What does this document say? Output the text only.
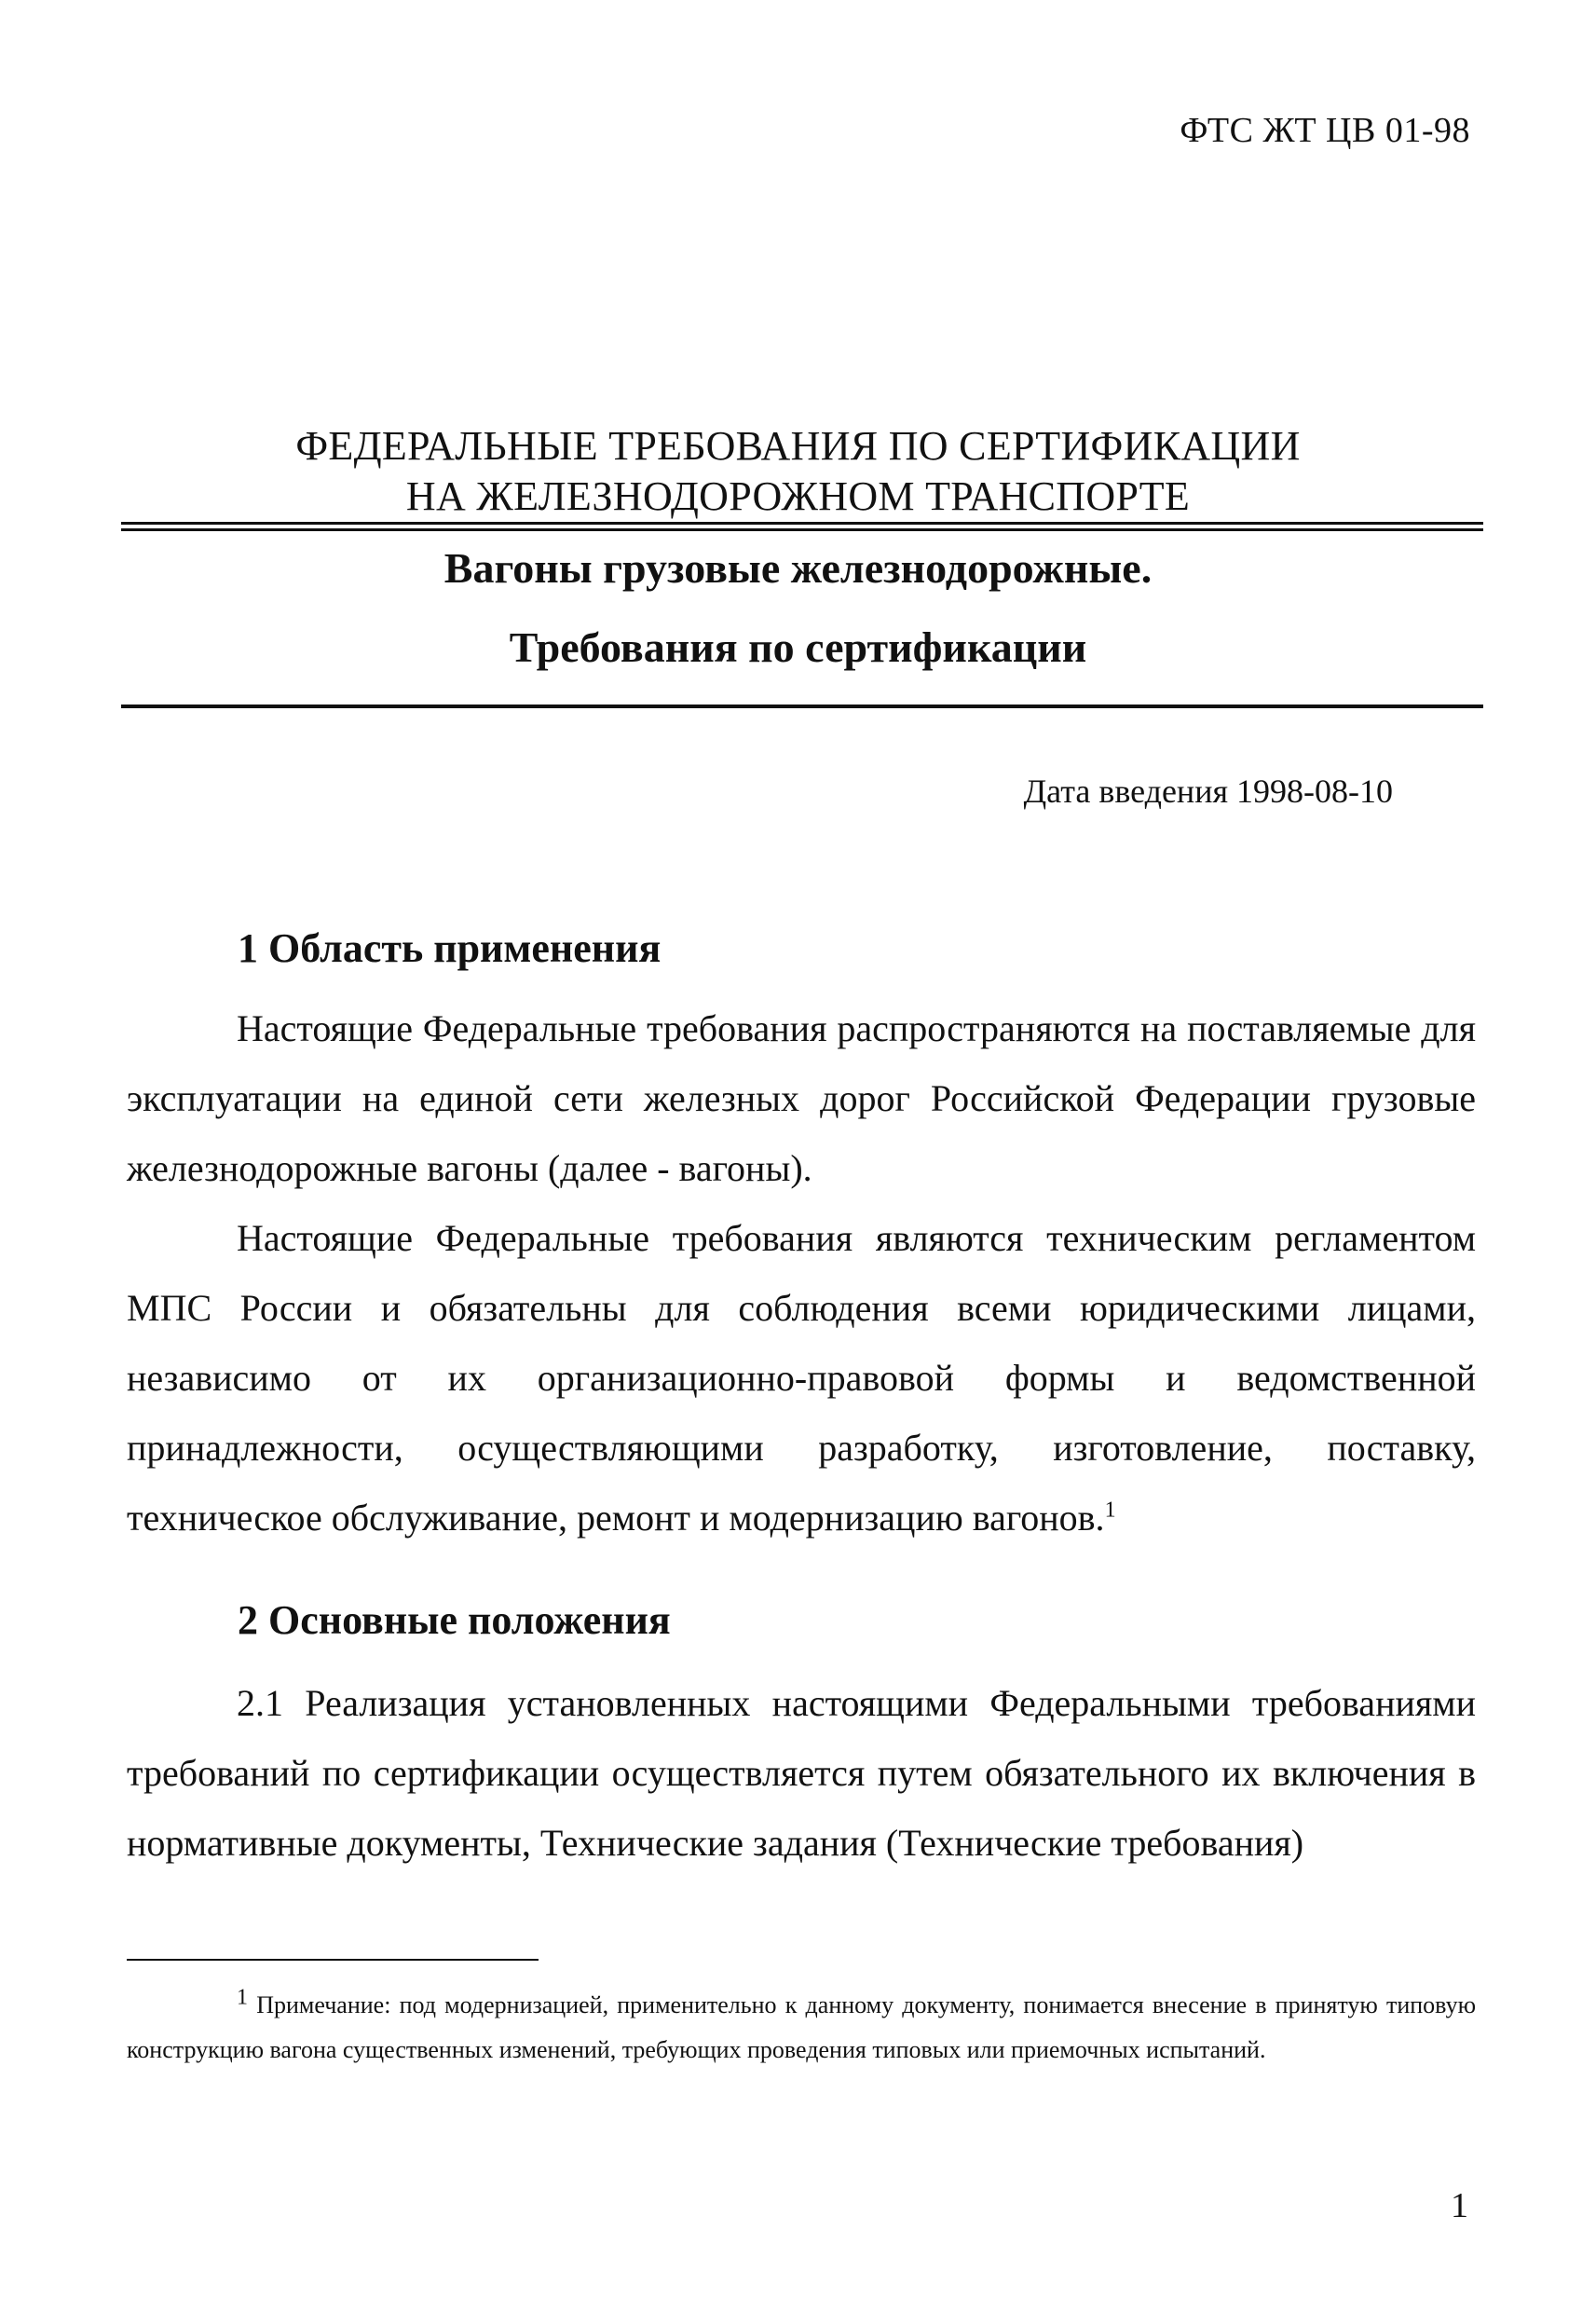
ФТС ЖТ ЦВ 01-98
ФЕДЕРАЛЬНЫЕ ТРЕБОВАНИЯ ПО СЕРТИФИКАЦИИ
НА ЖЕЛЕЗНОДОРОЖНОМ ТРАНСПОРТЕ
Вагоны грузовые железнодорожные.
Требования по сертификации
Дата введения 1998-08-10
1 Область применения

Настоящие Федеральные требования распространяются на поставляемые для эксплуатации на единой сети железных дорог Российской Федерации грузовые железнодорожные вагоны (далее - вагоны).

Настоящие Федеральные требования являются техническим регламентом МПС России и обязательны для соблюдения всеми юридическими лицами, независимо от их организационно-правовой формы и ведомственной принадлежности, осуществляющими разработку, изготовление, поставку, техническое обслуживание, ремонт и модернизацию вагонов.$^1$

2 Основные положения

2.1 Реализация установленных настоящими Федеральными требованиями требований по сертификации осуществляется путем обязательного их включения в нормативные документы, Технические задания (Технические требования)

$^1$ Примечание: под модернизацией, применительно к данному документу, понимается внесение в принятую типовую конструкцию вагона существенных изменений, требующих проведения типовых или приемочных испытаний.

1
